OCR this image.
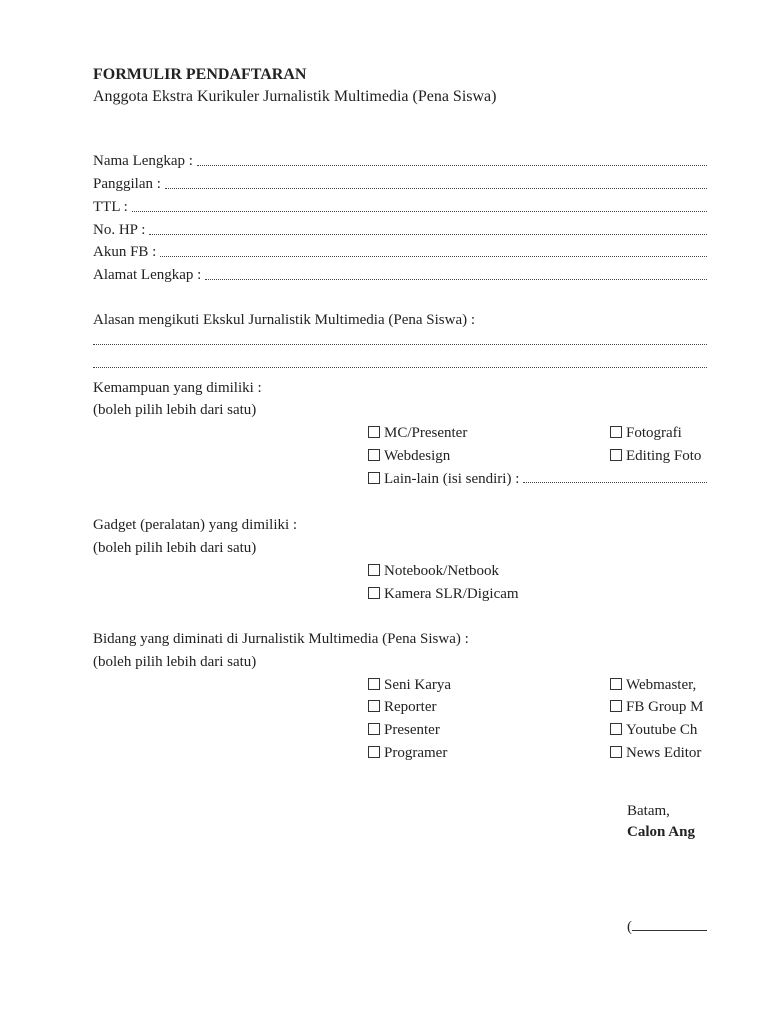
FORMULIR PENDAFTARAN
Anggota Ekstra Kurikuler Jurnalistik Multimedia (Pena Siswa)
Nama Lengkap :
Panggilan :
TTL :
No. HP :
Akun FB :
Alamat Lengkap :
Alasan mengikuti Ekskul Jurnalistik Multimedia (Pena Siswa) :
Kemampuan yang dimiliki :
(boleh pilih lebih dari satu)
MC/Presenter	Fotografi
Webdesign	Editing Foto
Lain-lain (isi sendiri) :
Gadget (peralatan) yang dimiliki :
(boleh pilih lebih dari satu)
Notebook/Netbook
Kamera SLR/Digicam
Bidang yang diminati di Jurnalistik Multimedia (Pena Siswa) :
(boleh pilih lebih dari satu)
Seni Karya	Webmaster,
Reporter	FB Group M
Presenter	Youtube Ch
Programer	News Editor
Batam,
Calon Ang
(
